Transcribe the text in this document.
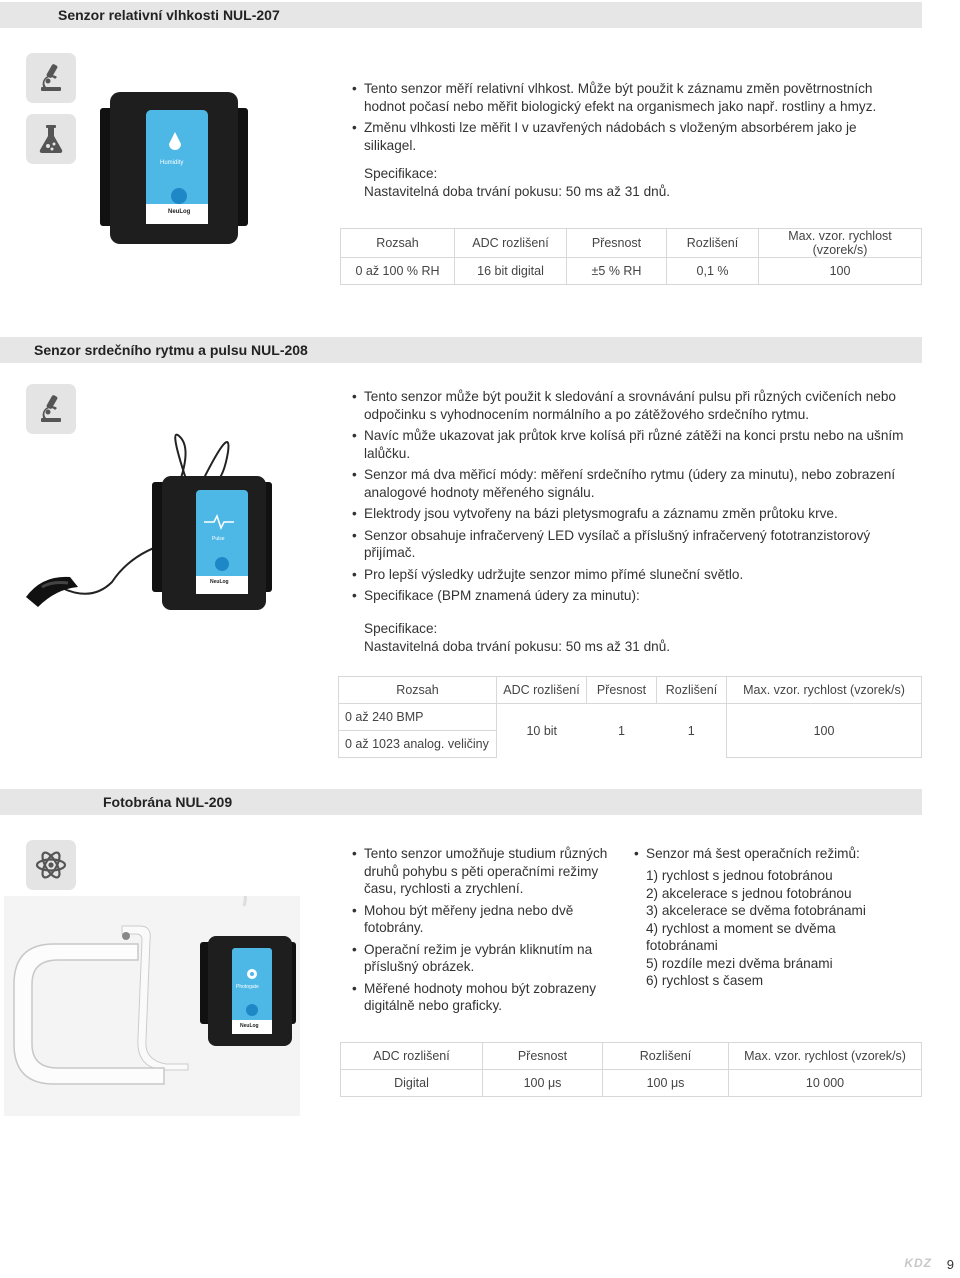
Senzor relativní vlhkosti NUL-207
Humidity
NeuLog
• Tento senzor měří relativní vlhkost. Může být použit k záznamu změn povětrnostních hodnot počasí nebo měřit biologický efekt na organismech jako např. rostliny a hmyz.
• Změnu vlhkosti lze měřit I v uzavřených nádobách s vloženým absorbérem jako je silikagel.
Specifikace:
Nastavitelná doba trvání pokusu: 50 ms až 31 dnů.
Rozsah	ADC rozlišení	Přesnost	Rozlišení	Max. vzor. rychlost (vzorek/s)
0 až 100 % RH	16 bit digital	±5 % RH	0,1 %	100
Senzor srdečního rytmu a pulsu NUL-208
Pulse
NeuLog
• Tento senzor může být použit k sledování a srovnávání pulsu při různých cvičeních nebo odpočinku s vyhodnocením normálního a po zátěžového srdečního rytmu.
• Navíc může ukazovat jak průtok krve kolísá při různé zátěži na konci prstu nebo na ušním lalůčku.
• Senzor má dva měřicí módy: měření srdečního rytmu (údery za minutu), nebo zobrazení analogové hodnoty měřeného signálu.
• Elektrody jsou vytvořeny na bázi pletysmografu a záznamu změn průtoku krve.
• Senzor obsahuje infračervený LED vysílač a příslušný infračervený fototranzistorový přijímač.
• Pro lepší výsledky udržujte senzor mimo přímé sluneční světlo.
• Specifikace (BPM znamená údery za minutu):
Specifikace:
Nastavitelná doba trvání pokusu: 50 ms až 31 dnů.
Rozsah	ADC rozlišení	Přesnost	Rozlišení	Max. vzor. rychlost (vzorek/s)
0 až 240 BMP	10 bit	1	1	100
0 až 1023 analog. veličiny				
Fotobrána NUL-209
Photogate
NeuLog
• Tento senzor umožňuje studium různých druhů pohybu s pěti operačními režimy času, rychlosti a zrychlení.
• Mohou být měřeny jedna nebo dvě fotobrány.
• Operační režim je vybrán kliknutím na příslušný obrázek.
• Měřené hodnoty mohou být zobrazeny digitálně nebo graficky.
• Senzor má šest operačních režimů:
1) rychlost s jednou fotobránou
2) akcelerace s jednou fotobránou
3) akcelerace se dvěma fotobránami
4) rychlost a moment se dvěma fotobránami
5) rozdíle mezi dvěma bránami
6) rychlost s časem
ADC rozlišení	Přesnost	Rozlišení	Max. vzor. rychlost (vzorek/s)
Digital	100 μs	100 μs	10 000
KDZ 9
